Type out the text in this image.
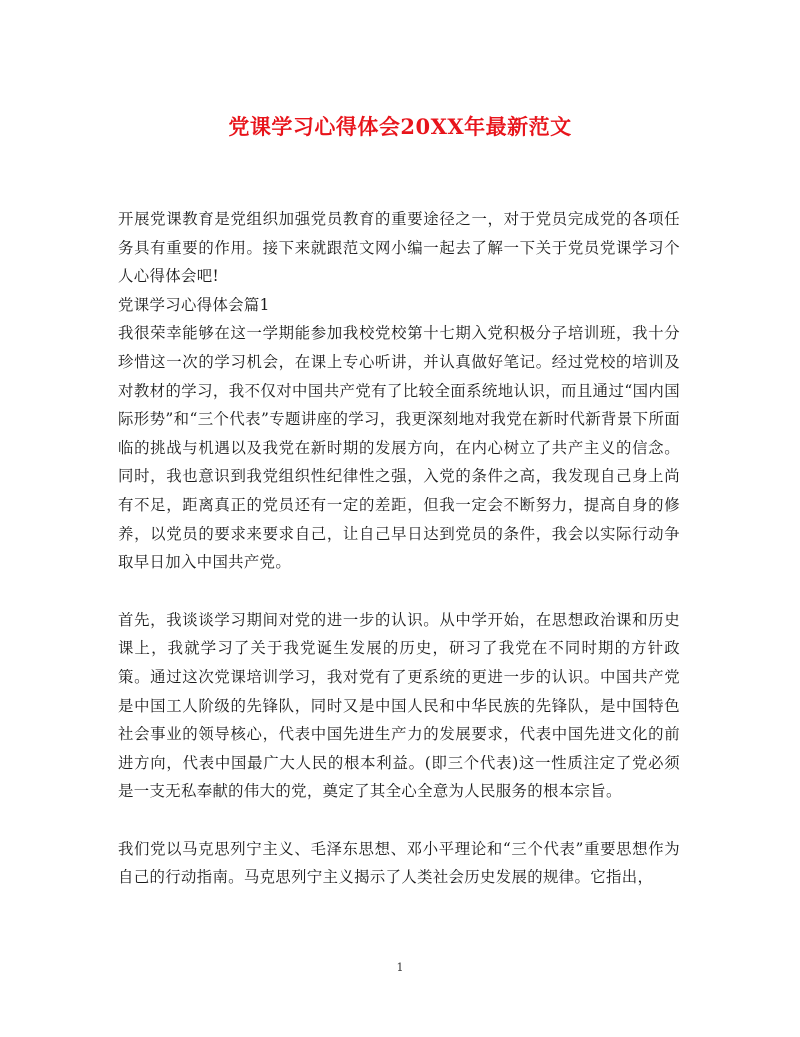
党课学习心得体会20XX年最新范文

开展党课教育是党组织加强党员教育的重要途径之一，对于党员完成党的各项任务具有重要的作用。接下来就跟范文网小编一起去了解一下关于党员党课学习个人心得体会吧!

党课学习心得体会篇1

我很荣幸能够在这一学期能参加我校党校第十七期入党积极分子培训班，我十分珍惜这一次的学习机会，在课上专心听讲，并认真做好笔记。经过党校的培训及对教材的学习，我不仅对中国共产党有了比较全面系统地认识，而且通过“国内国际形势”和“三个代表”专题讲座的学习，我更深刻地对我党在新时代新背景下所面临的挑战与机遇以及我党在新时期的发展方向，在内心树立了共产主义的信念。同时，我也意识到我党组织性纪律性之强，入党的条件之高，我发现自己身上尚有不足，距离真正的党员还有一定的差距，但我一定会不断努力，提高自身的修养，以党员的要求来要求自己，让自己早日达到党员的条件，我会以实际行动争取早日加入中国共产党。

首先，我谈谈学习期间对党的进一步的认识。从中学开始，在思想政治课和历史课上，我就学习了关于我党诞生发展的历史，研习了我党在不同时期的方针政策。通过这次党课培训学习，我对党有了更系统的更进一步的认识。中国共产党是中国工人阶级的先锋队，同时又是中国人民和中华民族的先锋队，是中国特色社会事业的领导核心，代表中国先进生产力的发展要求，代表中国先进文化的前进方向，代表中国最广大人民的根本利益。(即三个代表)这一性质注定了党必须是一支无私奉献的伟大的党，奠定了其全心全意为人民服务的根本宗旨。

我们党以马克思列宁主义、毛泽东思想、邓小平理论和“三个代表”重要思想作为自己的行动指南。马克思列宁主义揭示了人类社会历史发展的规律。它指出，

1
